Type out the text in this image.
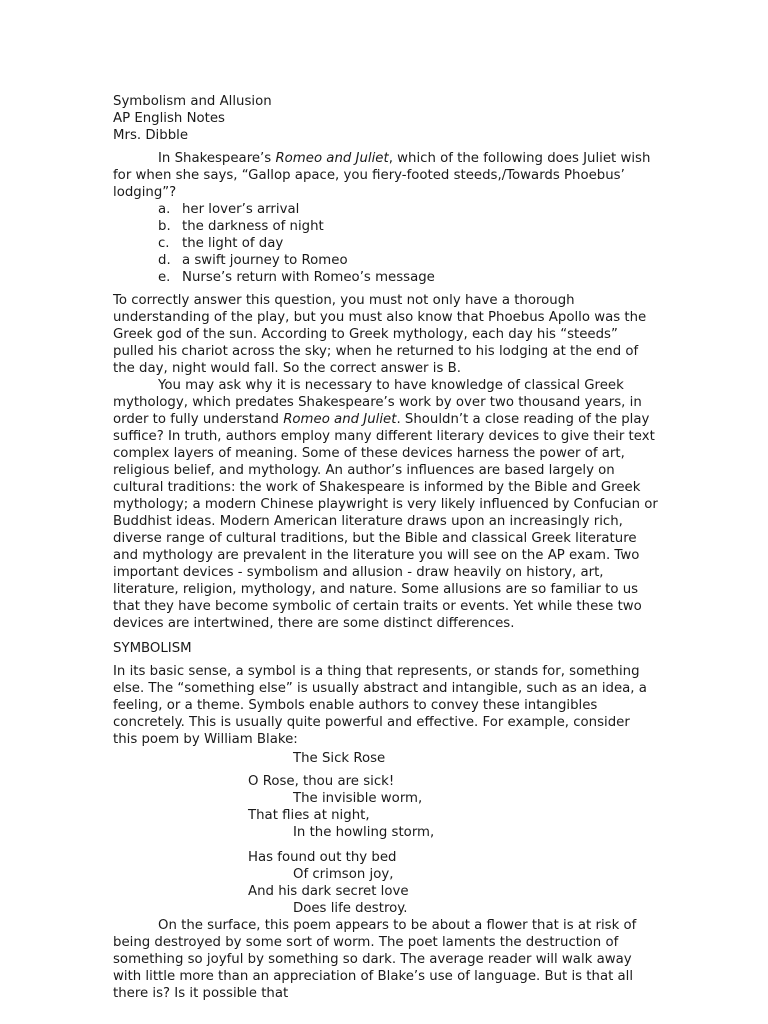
Symbolism and Allusion

AP English Notes

Mrs. Dibble

In Shakespeare’s Romeo and Juliet, which of the following does Juliet wish for when she says, “Gallop apace, you fiery-footed steeds,/Towards Phoebus’ lodging”?

a. her lover’s arrival
b. the darkness of night
c. the light of day
d. a swift journey to Romeo
e. Nurse’s return with Romeo’s message

To correctly answer this question, you must not only have a thorough understanding of the play, but you must also know that Phoebus Apollo was the Greek god of the sun. According to Greek mythology, each day his “steeds” pulled his chariot across the sky; when he returned to his lodging at the end of the day, night would fall. So the correct answer is B.

You may ask why it is necessary to have knowledge of classical Greek mythology, which predates Shakespeare’s work by over two thousand years, in order to fully understand Romeo and Juliet. Shouldn’t a close reading of the play suffice? In truth, authors employ many different literary devices to give their text complex layers of meaning. Some of these devices harness the power of art, religious belief, and mythology. An author’s influences are based largely on cultural traditions: the work of Shakespeare is informed by the Bible and Greek mythology; a modern Chinese playwright is very likely influenced by Confucian or Buddhist ideas. Modern American literature draws upon an increasingly rich, diverse range of cultural traditions, but the Bible and classical Greek literature and mythology are prevalent in the literature you will see on the AP exam. Two important devices - symbolism and allusion - draw heavily on history, art, literature, religion, mythology, and nature. Some allusions are so familiar to us that they have become symbolic of certain traits or events. Yet while these two devices are intertwined, there are some distinct differences.

SYMBOLISM

In its basic sense, a symbol is a thing that represents, or stands for, something else. The “something else” is usually abstract and intangible, such as an idea, a feeling, or a theme. Symbols enable authors to convey these intangibles concretely. This is usually quite powerful and effective. For example, consider this poem by William Blake:

The Sick Rose
O Rose, thou are sick!
The invisible worm,
That flies at night,
In the howling storm,
Has found out thy bed
Of crimson joy,
And his dark secret love
Does life destroy.

On the surface, this poem appears to be about a flower that is at risk of being destroyed by some sort of worm. The poet laments the destruction of something so joyful by something so dark. The average reader will walk away with little more than an appreciation of Blake’s use of language. But is that all there is? Is it possible that
